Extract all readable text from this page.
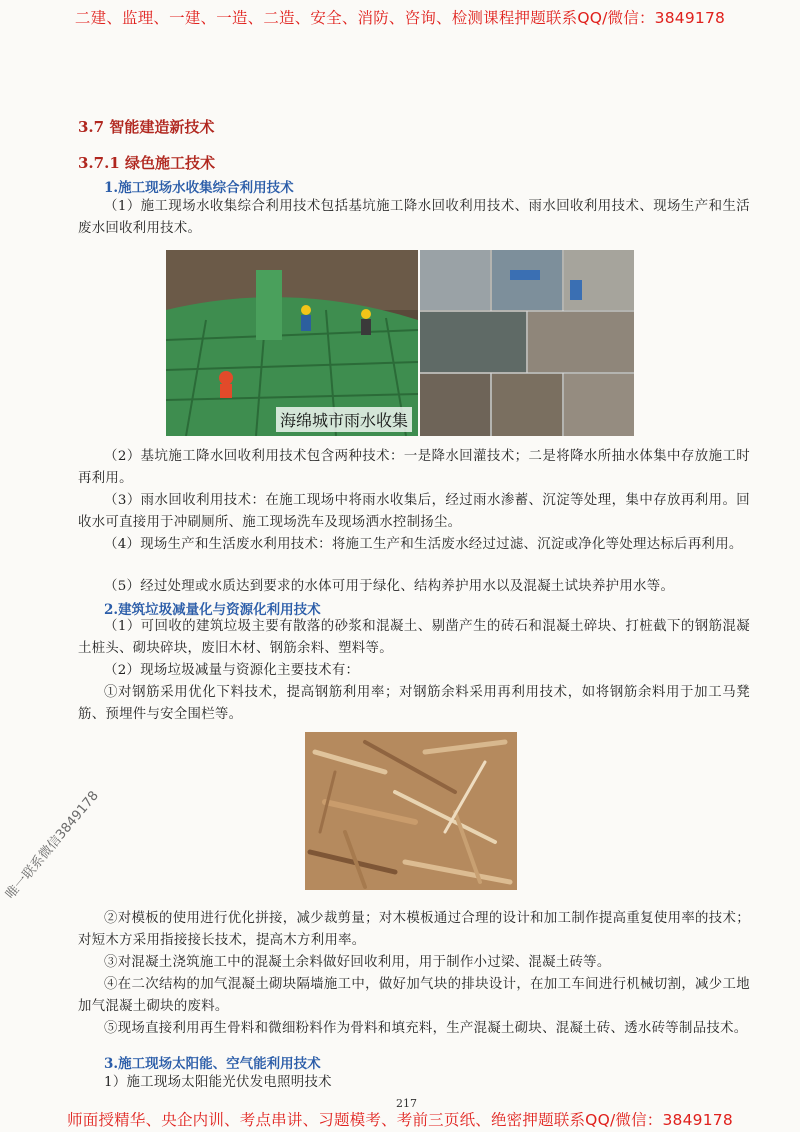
二建、监理、一建、一造、二造、安全、消防、咨询、检测课程押题联系QQ/微信：3849178
3.7 智能建造新技术
3.7.1 绿色施工技术
1.施工现场水收集综合利用技术
（1）施工现场水收集综合利用技术包括基坑施工降水回收利用技术、雨水回收利用技术、现场生产和生活废水回收利用技术。
海绵城市雨水收集
（2）基坑施工降水回收利用技术包含两种技术：一是降水回灌技术；二是将降水所抽水体集中存放施工时再利用。
（3）雨水回收利用技术：在施工现场中将雨水收集后，经过雨水渗蓄、沉淀等处理，集中存放再利用。回收水可直接用于冲刷厕所、施工现场洗车及现场洒水控制扬尘。
（4）现场生产和生活废水利用技术：将施工生产和生活废水经过过滤、沉淀或净化等处理达标后再利用。
（5）经过处理或水质达到要求的水体可用于绿化、结构养护用水以及混凝土试块养护用水等。
2.建筑垃圾减量化与资源化利用技术
（1）可回收的建筑垃圾主要有散落的砂浆和混凝土、剔凿产生的砖石和混凝土碎块、打桩截下的钢筋混凝土桩头、砌块碎块，废旧木材、钢筋余料、塑料等。
（2）现场垃圾减量与资源化主要技术有：
①对钢筋采用优化下料技术，提高钢筋利用率；对钢筋余料采用再利用技术，如将钢筋余料用于加工马凳筋、预埋件与安全围栏等。
唯一联系微信3849178
②对模板的使用进行优化拼接，减少裁剪量；对木模板通过合理的设计和加工制作提高重复使用率的技术；对短木方采用指接接长技术，提高木方利用率。
③对混凝土浇筑施工中的混凝土余料做好回收利用，用于制作小过梁、混凝土砖等。
④在二次结构的加气混凝土砌块隔墙施工中，做好加气块的排块设计，在加工车间进行机械切割，减少工地加气混凝土砌块的废料。
⑤现场直接利用再生骨料和微细粉料作为骨料和填充料，生产混凝土砌块、混凝土砖、透水砖等制品技术。
3.施工现场太阳能、空气能利用技术
1）施工现场太阳能光伏发电照明技术
217
师面授精华、央企内训、考点串讲、习题模考、考前三页纸、绝密押题联系QQ/微信：3849178
